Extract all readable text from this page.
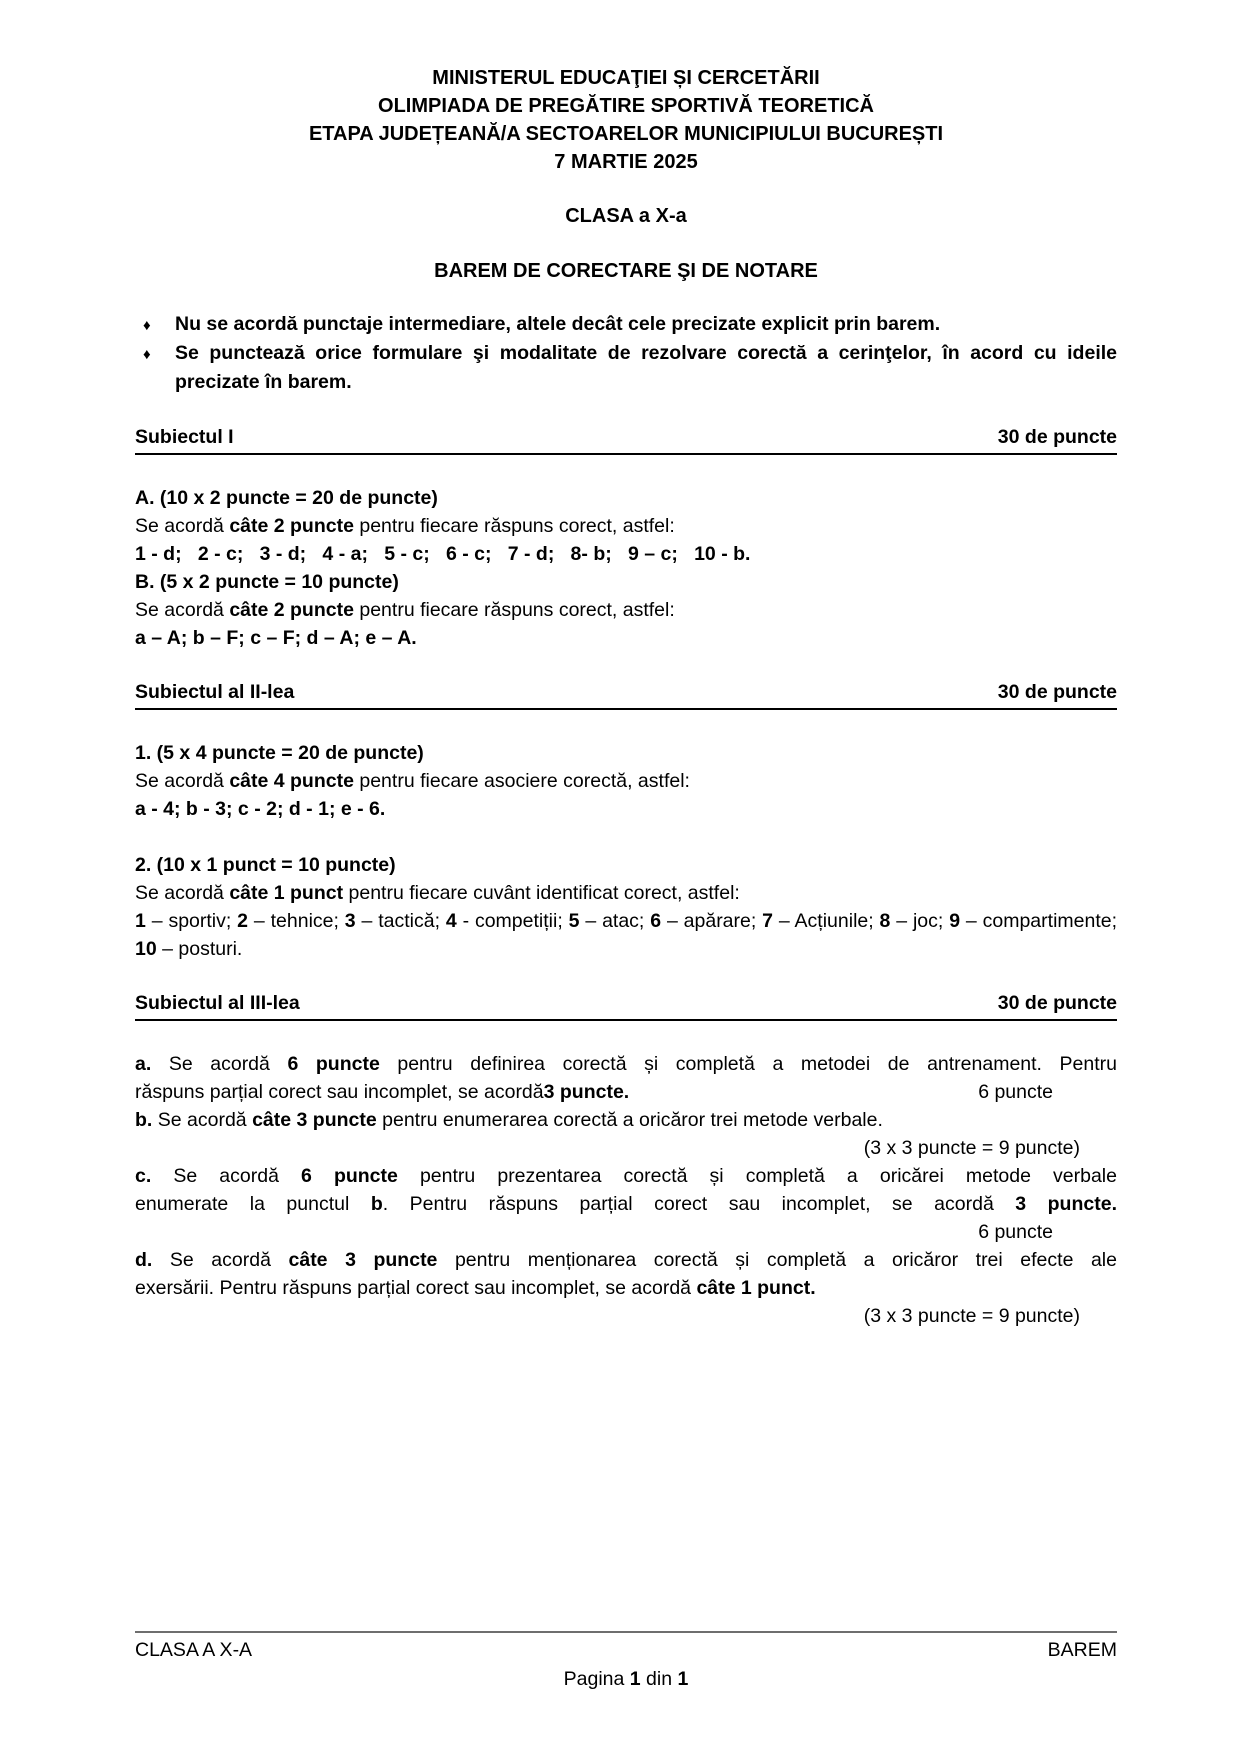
MINISTERUL EDUCAŢIEI ȘI CERCETĂRII
OLIMPIADA DE PREGĂTIRE SPORTIVĂ TEORETICĂ
ETAPA JUDEȚEANĂ/A SECTOARELOR MUNICIPIULUI BUCUREȘTI
7 MARTIE 2025
CLASA a X-a
BAREM DE CORECTARE ŞI DE NOTARE
♦ Nu se acordă punctaje intermediare, altele decât cele precizate explicit prin barem.
♦ Se punctează orice formulare şi modalitate de rezolvare corectă a cerinţelor, în acord cu ideile precizate în barem.
Subiectul I	30 de puncte
A. (10 x 2 puncte = 20 de puncte)
Se acordă câte 2 puncte pentru fiecare răspuns corect, astfel:
1 - d;   2 - c;   3 - d;   4 - a;   5 - c;   6 - c;   7 - d;   8- b;   9 – c;   10 - b.
B. (5 x 2 puncte = 10 puncte)
Se acordă câte 2 puncte pentru fiecare răspuns corect, astfel:
a – A; b – F; c – F; d – A; e – A.
Subiectul al II-lea	30 de puncte
1. (5 x 4 puncte = 20 de puncte)
Se acordă câte 4 puncte pentru fiecare asociere corectă, astfel:
a - 4; b - 3; c - 2; d - 1; e - 6.
2. (10 x 1 punct = 10 puncte)
Se acordă câte 1 punct pentru fiecare cuvânt identificat corect, astfel:
1 – sportiv; 2 – tehnice; 3 – tactică; 4 - competiții; 5 – atac; 6 – apărare; 7 – Acțiunile; 8 – joc; 9 – compartimente; 10 – posturi.
Subiectul al III-lea	30 de puncte
a. Se acordă 6 puncte pentru definirea corectă și completă a metodei de antrenament. Pentru
răspuns parțial corect sau incomplet, se acordă 3 puncte.	6 puncte
b. Se acordă câte 3 puncte pentru enumerarea corectă a oricăror trei metode verbale.
(3 x 3 puncte = 9 puncte)
c. Se acordă 6 puncte pentru prezentarea corectă și completă a oricărei metode verbale
enumerate la punctul b. Pentru răspuns parțial corect sau incomplet, se acordă 3 puncte.
6 puncte
d. Se acordă câte 3 puncte pentru menționarea corectă și completă a oricăror trei efecte ale
exersării. Pentru răspuns parțial corect sau incomplet, se acordă câte 1 punct.
(3 x 3 puncte = 9 puncte)
CLASA A X-A	BAREM
Pagina 1 din 1
